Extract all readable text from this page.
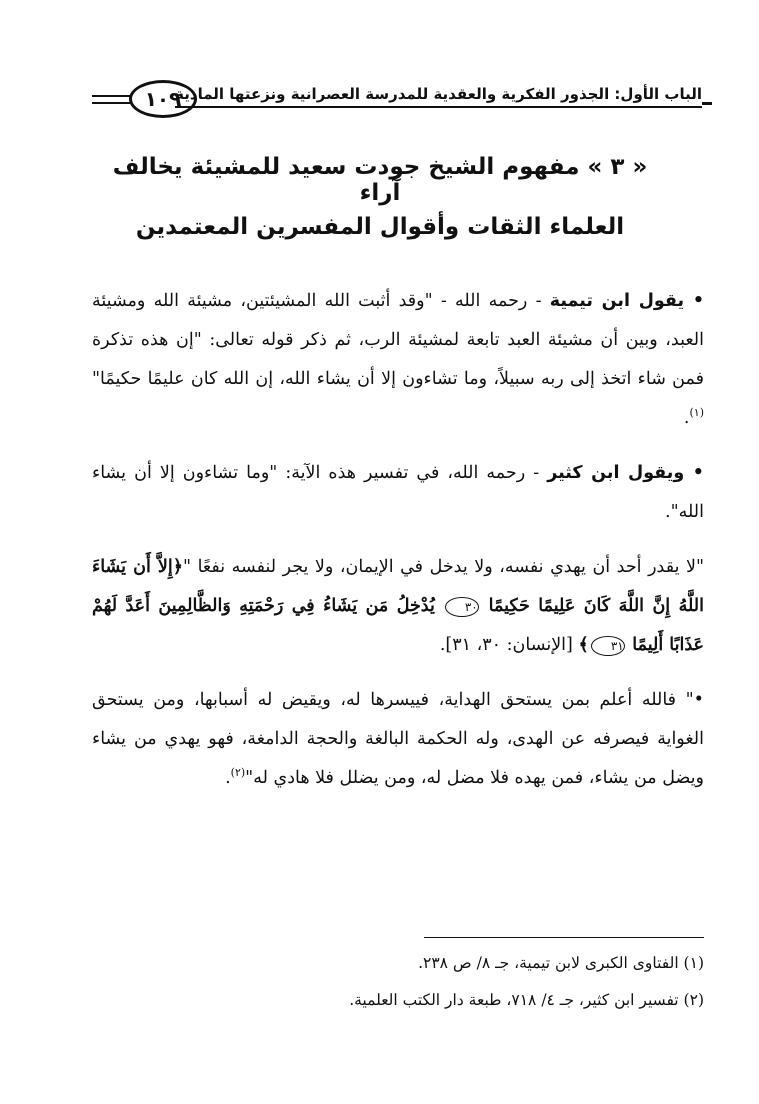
الباب الأول: الجذور الفكرية والعقدية للمدرسة العصرانية ونزعتها المادية
١٠٩
« ٣ » مفهوم الشيخ جودت سعيد للمشيئة يخالف آراء
العلماء الثقات وأقوال المفسرين المعتمدين

• يقول ابن تيمية - رحمه الله - "وقد أثبت الله المشيئتين، مشيئة الله ومشيئة العبد، وبين أن مشيئة العبد تابعة لمشيئة الرب، ثم ذكر قوله تعالى: "إن هذه تذكرة فمن شاء اتخذ إلى ربه سبيلاً، وما تشاءون إلا أن يشاء الله، إن الله كان عليمًا حكيمًا"$^{(١)}$.

• ويقول ابن كثير - رحمه الله، في تفسير هذه الآية: "وما تشاءون إلا أن يشاء الله".

"لا يقدر أحد أن يهدي نفسه، ولا يدخل في الإيمان، ولا يجر لنفسه نفعًا "﴿إِلاَّ أَن يَشَاءَ اللَّهُ إِنَّ اللَّهَ كَانَ عَلِيمًا حَكِيمًا ٣٠ يُدْخِلُ مَن يَشَاءُ فِي رَحْمَتِهِ وَالظَّالِمِينَ أَعَدَّ لَهُمْ عَذَابًا أَلِيمًا ٣١﴾ [الإنسان: ٣٠، ٣١].

•" فالله أعلم بمن يستحق الهداية، فييسرها له، ويقيض له أسبابها، ومن يستحق الغواية فيصرفه عن الهدى، وله الحكمة البالغة والحجة الدامغة، فهو يهدي من يشاء ويضل من يشاء، فمن يهده فلا مضل له، ومن يضلل فلا هادي له"$^{(٢)}$.

(١) الفتاوى الكبرى لابن تيمية، جـ ٨/ ص ٢٣٨.
(٢) تفسير ابن كثير، جـ ٤/ ٧١٨، طبعة دار الكتب العلمية.
